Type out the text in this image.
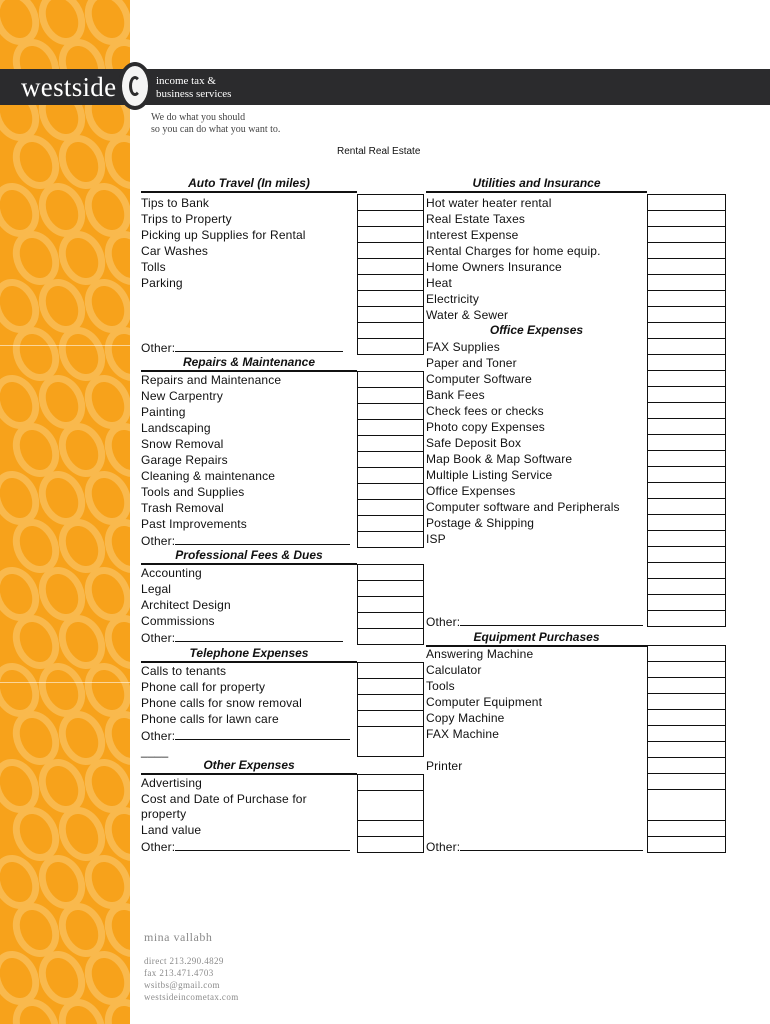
westside	income tax &
business services
We do what you should
so you can do what you want to.
Rental Real Estate
Auto Travel (In miles)
Tips to Bank
Trips to Property
Picking up Supplies for Rental
Car Washes
Tolls
Parking
Other:
Repairs & Maintenance
Repairs and Maintenance
New Carpentry
Painting
Landscaping
Snow Removal
Garage Repairs
Cleaning & maintenance
Tools and Supplies
Trash Removal
Past Improvements
Other:
Professional Fees & Dues
Accounting
Legal
Architect Design
Commissions
Other:
Telephone Expenses
Calls to tenants
Phone call for property
Phone calls for snow removal
Phone calls for lawn care
Other:
____
Other Expenses
Advertising
Cost and Date of Purchase for
property
Land value
Other:
Utilities and Insurance
Hot water heater rental
Real Estate Taxes
Interest Expense
Rental Charges for home equip.
Home Owners Insurance
Heat
Electricity
Water & Sewer
Office Expenses
FAX Supplies
Paper and Toner
Computer Software
Bank Fees
Check fees or checks
Photo copy Expenses
Safe Deposit Box
Map Book & Map Software
Multiple Listing Service
Office Expenses
Computer software and Peripherals
Postage & Shipping
ISP
Other:
Equipment Purchases
Answering Machine
Calculator
Tools
Computer Equipment
Copy Machine
FAX Machine
Printer
Other:
mina vallabh
direct 213.290.4829
fax 213.471.4703
wsitbs@gmail.com
westsideincometax.com
